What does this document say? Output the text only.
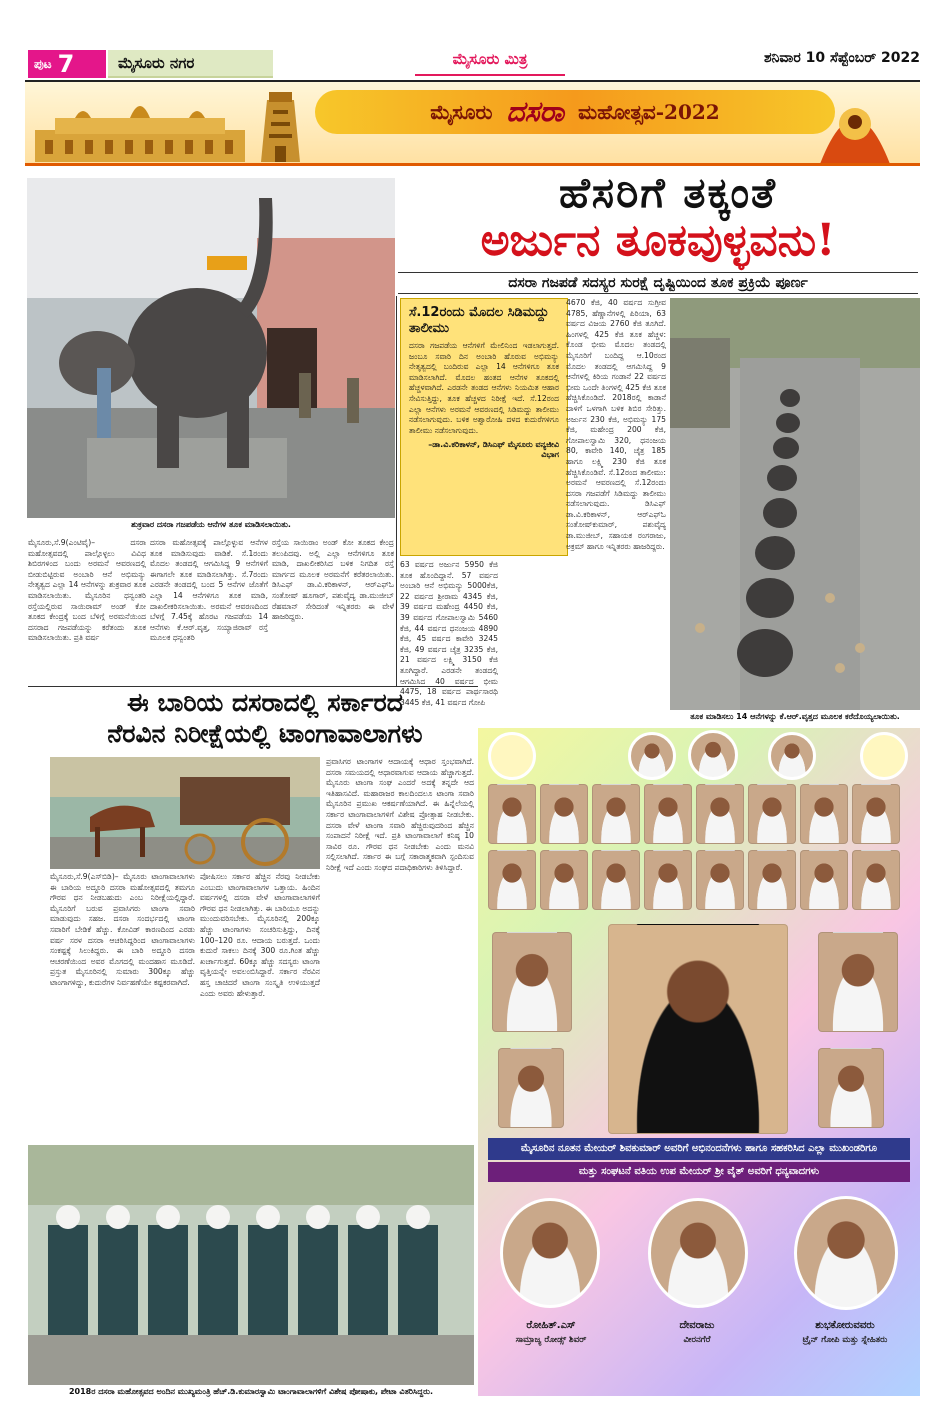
ಪುಟ 7	ಮೈಸೂರು ನಗರ	ಮೈಸೂರು ಮಿತ್ರ	ಶನಿವಾರ 10 ಸೆಪ್ಟೆಂಬರ್ 2022
ಮೈಸೂರು ದಸರಾ ಮಹೋತ್ಸವ-2022
ಹೆಸರಿಗೆ ತಕ್ಕಂತೆ
ಅರ್ಜುನ ತೂಕವುಳ್ಳವನು!
ದಸರಾ ಗಜಪಡೆ ಸದಸ್ಯರ ಸುರಕ್ಷೆ ದೃಷ್ಟಿಯಿಂದ ತೂಕ ಪ್ರಕ್ರಿಯೆ ಪೂರ್ಣ
ಶುಕ್ರವಾರ ದಸರಾ ಗಜಪಡೆಯ ಆನೆಗಳ ತೂಕ ಮಾಡಿಸಲಾಯಿತು.
ಸೆ.12ರಂದು ಮೊದಲ ಸಿಡಿಮದ್ದು ತಾಲೀಮು
ದಸರಾ ಗಜಪಡೆಯ ಆನೆಗಳಿಗೆ ಮೇಲಿನಿಂದ ಇಡಲಾಗುತ್ತದೆ. ಜಂಬೂ ಸವಾರಿ ದಿನ ಅಂಬಾರಿ ಹೊರುವ ಅಭಿಮನ್ಯು ನೇತೃತ್ವದಲ್ಲಿ ಬಂದಿರುವ ಎಲ್ಲಾ 14 ಆನೆಗಳಿಗೂ ತೂಕ ಮಾಡಿಸಲಾಗಿದೆ. ಮೊದಲ ಹಂತದ ಆನೆಗಳ ತೂಕದಲ್ಲಿ ಹೆಚ್ಚಳವಾಗಿದೆ. ಎರಡನೇ ತಂಡದ ಆನೆಗಳು ನಿಯಮಿತ ಆಹಾರ ಸೇವಿಸುತ್ತಿದ್ದು, ತೂಕ ಹೆಚ್ಚಳದ ನಿರೀಕ್ಷೆ ಇದೆ. ಸೆ.12ರಂದ ಎಲ್ಲಾ ಆನೆಗಳು ಅರಮನೆ ಆವರಣದಲ್ಲಿ ಸಿಡಿಮದ್ದು ತಾಲೀಮು ನಡೆಸಲಾಗುವುದು. ಬಳಿಕ ಅಶ್ವಾರೋಹಿ ದಳದ ಕುದುರೆಗಳಿಗೂ ತಾಲೀಮು ನಡೆಸಲಾಗುವುದು.
–ಡಾ.ವಿ.ಕರಿಕಾಳನ್, ಡಿಸಿಎಫ್ ಮೈಸೂರು ವನ್ಯಜೀವಿ ವಿಭಾಗ
ಮೈಸೂರು,ಸೆ.9(ಎಂಟಿವೈ)– ದಸರಾ ಮಹೋತ್ಸವದಲ್ಲಿ ಪಾಲ್ಗೊಳ್ಳಲು ವಿವಿಧ ಶಿಬಿರಗಳಿಂದ ಬಂದು ಅರಮನೆ ಆವರಣದಲ್ಲಿ ಬೀಡುಬಿಟ್ಟಿರುವ ಅಂಬಾರಿ ಆನೆ ಅಭಿಮನ್ಯು ನೇತೃತ್ವದ ಎಲ್ಲಾ 14 ಆನೆಗಳನ್ನು ಶುಕ್ರವಾರ ತೂಕ ಮಾಡಿಸಲಾಯಿತು. ಮೈಸೂರಿನ ಧನ್ವಂತರಿ ರಸ್ತೆಯಲ್ಲಿರುವ ಸಾಯಿರಾಮ್ ಅಂಡ್ ಕೋ ತೂಕದ ಕೇಂದ್ರಕ್ಕೆ ಬಂದ ಬೆಳಿಗ್ಗೆ ಅರಮನೆಯಿಂದ ದಸರಾದ ಗಜಪಡೆಯನ್ನು ಕರೆತಂದು ತೂಕ ಮಾಡಿಸಲಾಯಿತು. ಪ್ರತಿ ವರ್ಷ
ದಸರಾ ಮಹೋತ್ಸವಕ್ಕೆ ಪಾಲ್ಗೊಳ್ಳುವ ಆನೆಗಳ ತೂಕ ಮಾಡಿಸುವುದು ವಾಡಿಕೆ. ಸೆ.1ರಂದು ಮೊದಲ ತಂಡದಲ್ಲಿ ಆಗಮಿಸಿದ್ದ 9 ಆನೆಗಳಿಗೆ ಈಗಾಗಲೇ ತೂಕ ಮಾಡಿಸಲಾಗಿತ್ತು. ಸೆ.7ರಂದು ಎರಡನೇ ತಂಡದಲ್ಲಿ ಬಂದ 5 ಆನೆಗಳ ಜೊತೆಗೆ ಎಲ್ಲಾ 14 ಆನೆಗಳಿಗೂ ತೂಕ ಮಾಡಿ, ದಾಖಲೀಕರಿಸಲಾಯಿತು. ಅರಮನೆ ಆವರಣದಿಂದ ಬೆಳಗ್ಗೆ 7.45ಕ್ಕೆ ಹೊರಟ ಗಜಪಡೆಯ 14 ಆನೆಗಳು ಕೆ.ಆರ್.ವೃತ್ತ, ಸಯ್ಯಾಜಿರಾವ್ ರಸ್ತೆ ಮೂಲಕ ಧನ್ವಂತರಿ
ರಸ್ತೆಯ ಸಾಯಿರಾಂ ಅಂಡ್ ಕೋ ತೂಕದ ಕೇಂದ್ರ ತಲುಪಿದವು. ಅಲ್ಲಿ ಎಲ್ಲಾ ಆನೆಗಳಿಗೂ ತೂಕ ಮಾಡಿ, ದಾಖಲೀಕರಿಸಿದ ಬಳಿಕ ನಿಗದಿತ ರಸ್ತೆ ಮಾರ್ಗದ ಮೂಲಕ ಅರಮನೆಗೆ ಕರೆತರಲಾಯಿತು. ಡಿಸಿಎಫ್ ಡಾ.ವಿ.ಕರಿಕಾಳನ್, ಆರ್‌ಎಫ್‌ಓ ಸಂತೋಷ್ ಹೂಗಾರ್, ಪಶುವೈದ್ಯ ಡಾ.ಮುಜೀಬ್ ರೆಹಮಾನ್ ಸೇರಿದಂತೆ ಇನ್ನಿತರರು ಈ ವೇಳೆ ಹಾಜರಿದ್ದರು.
63 ವರ್ಷದ ಅರ್ಜುನ 5950 ಕೆಜಿ ತೂಕ ಹೊಂದಿದ್ದಾನೆ. 57 ವರ್ಷದ ಅಂಬಾರಿ ಆನೆ ಅಭಿಮನ್ಯು 5000ಕೆಜಿ, 22 ವರ್ಷದ ಶ್ರೀರಾಮ 4345 ಕೆಜಿ, 39 ವರ್ಷದ ಮಹೇಂದ್ರ 4450 ಕೆಜಿ, 39 ವರ್ಷದ ಗೋಪಾಲಸ್ವಾಮಿ 5460 ಕೆಜಿ, 44 ವರ್ಷದ ಧನಂಜಯ 4890 ಕೆಜಿ, 45 ವರ್ಷದ ಕಾವೇರಿ 3245 ಕೆಜಿ, 49 ವರ್ಷದ ಚೈತ್ರ 3235 ಕೆಜಿ, 21 ವರ್ಷದ ಲಕ್ಷ್ಮಿ 3150 ಕೆಜಿ ತೂಗಿದ್ದಾರೆ. ಎರಡನೇ ತಂಡದಲ್ಲಿ ಆಗಮಿಸಿದ 40 ವರ್ಷದ ಭೀಮ 4475, 18 ವರ್ಷದ ಪಾರ್ಥಸಾರಥಿ 3445 ಕೆಜಿ, 41 ವರ್ಷದ ಗೋಪಿ
4670 ಕೆಜಿ, 40 ವರ್ಷದ ಸುಗ್ರೀವ 4785, ಹೆಣ್ಣಾನೆಗಳಲ್ಲಿ ಪಿರಿಯಾ, 63 ವರ್ಷದ ವಿಜಯ 2760 ಕೆಜಿ ತೂಗಿದೆ. ಹಿಂಗಳಲ್ಲಿ 425 ಕೆಜಿ ತೂಕ ಹೆಚ್ಚಳ: ಕೊಂಡ ಭೀಮ ಮೊದಲ ತಂಡದಲ್ಲಿ ಮೈಸೂರಿಗೆ ಬಂದಿದ್ದ ಆ.10ರಂದ ಮೊದಲ ತಂಡದಲ್ಲಿ ಆಗಮಿಸಿದ್ದ 9 ಆನೆಗಳಲ್ಲಿ ಕಿರಿಯ ಗಂಡಾನೆ 22 ವರ್ಷದ ಭೀಮ ಒಂದೇ ತಿಂಗಳಲ್ಲಿ 425 ಕೆಜಿ ತೂಕ ಹೆಚ್ಚಿಸಿಕೊಂಡಿದೆ. 2018ರಲ್ಲಿ ಕಾಡಾನೆ ದಾಳಿಗೆ ಒಳಗಾಗಿ ಬಳಿಕ ಶಿಬಿರ ಸೇರಿತ್ತು. ಅರ್ಜುನ 230 ಕೆಜಿ, ಅಭಿಮನ್ಯು 175 ಕೆಜಿ, ಮಹೇಂದ್ರ 200 ಕೆಜಿ, ಗೋಪಾಲಸ್ವಾಮಿ 320, ಧನಂಜಯ 80, ಕಾವೇರಿ 140, ಚೈತ್ರ 185 ಹಾಗೂ ಲಕ್ಷ್ಮಿ 230 ಕೆಜಿ ತೂಕ ಹೆಚ್ಚಿಸಿಕೊಂಡಿವೆ. ಸೆ.12ರಂದ ತಾಲೀಮು: ಅರಮನೆ ಆವರಣದಲ್ಲಿ ಸೆ.12ರಂದು ದಸರಾ ಗಜಪಡೆಗೆ ಸಿಡಿಮದ್ದು ತಾಲೀಮು ನಡೆಸಲಾಗುವುದು. ಡಿಸಿಎಫ್ ಡಾ.ವಿ.ಕರಿಕಾಳನ್, ಆರ್‌ಎಫ್‌ಓ ಸಂತೋಷ್‌ಕುಮಾರ್, ಪಶುವೈದ್ಯ ಡಾ.ಮುಜೀಬ್, ಸಹಾಯಕ ರಂಗರಾಜು, ಅಕ್ರಮ್ ಹಾಗೂ ಇನ್ನಿತರರು ಹಾಜರಿದ್ದರು.
ತೂಕ ಮಾಡಿಸಲು 14 ಆನೆಗಳನ್ನು ಕೆ.ಆರ್.ವೃತ್ತದ ಮೂಲಕ ಕರೆದೊಯ್ಯಲಾಯಿತು.
ಈ ಬಾರಿಯ ದಸರಾದಲ್ಲಿ ಸರ್ಕಾರದ
ನೆರವಿನ ನಿರೀಕ್ಷೆಯಲ್ಲಿ ಟಾಂಗಾವಾಲಾಗಳು
ಮೈಸೂರು,ಸೆ.9(ಎಸ್‌ಬಿಡಿ)– ಮೈಸೂರು ಟಾಂಗಾವಾಲಾಗಳು ಈ ಬಾರಿಯ ಅದ್ದೂರಿ ದಸರಾ ಮಹೋತ್ಸವದಲ್ಲಿ ತಮಗೂ ಗೌರವ ಧನ ನೀಡಬಹುದು ಎಂಬ ನಿರೀಕ್ಷೆಯಲ್ಲಿದ್ದಾರೆ. ಮೈಸೂರಿಗೆ ಬರುವ ಪ್ರವಾಸಿಗರು ಟಾಂಗಾ ಸವಾರಿ ಮಾಡುವುದು ಸಹಜ. ದಸರಾ ಸಂದರ್ಭದಲ್ಲಿ ಟಾಂಗಾ ಸವಾರಿಗೆ ಬೇಡಿಕೆ ಹೆಚ್ಚು. ಕೋವಿಡ್ ಕಾರಣದಿಂದ ಎರಡು ವರ್ಷ ಸರಳ ದಸರಾ ಆಚರಿಸಿದ್ದರಿಂದ ಟಾಂಗಾವಾಲಾಗಳು ಸಂಕಷ್ಟಕ್ಕೆ ಸಿಲುಕಿದ್ದರು. ಈ ಬಾರಿ ಅದ್ದೂರಿ ದಸರಾ ಆಚರಣೆಯಿಂದ ಅವರ ಮೊಗದಲ್ಲಿ ಮಂದಹಾಸ ಮೂಡಿದೆ. ಪ್ರಸ್ತುತ ಮೈಸೂರಿನಲ್ಲಿ ಸುಮಾರು 300ಕ್ಕೂ ಹೆಚ್ಚು ಟಾಂಗಾಗಳಿದ್ದು, ಕುದುರೆಗಳ ನಿರ್ವಹಣೆಯೇ ಕಷ್ಟಕರವಾಗಿದೆ.
ಪೋಷಿಸಲು ಸರ್ಕಾರ ಹೆಚ್ಚಿನ ನೆರವು ನೀಡಬೇಕು ಎಂಬುದು ಟಾಂಗಾವಾಲಾಗಳ ಒತ್ತಾಯ. ಹಿಂದಿನ ವರ್ಷಗಳಲ್ಲಿ ದಸರಾ ವೇಳೆ ಟಾಂಗಾವಾಲಾಗಳಿಗೆ ಗೌರವ ಧನ ನೀಡಲಾಗಿತ್ತು. ಈ ಬಾರಿಯೂ ಅದನ್ನು ಮುಂದುವರಿಸಬೇಕು. ಮೈಸೂರಿನಲ್ಲಿ 200ಕ್ಕೂ ಹೆಚ್ಚು ಟಾಂಗಾಗಳು ಸಂಚರಿಸುತ್ತಿದ್ದು, ದಿನಕ್ಕೆ 100–120 ರೂ. ಆದಾಯ ಬರುತ್ತದೆ. ಒಂದು ಕುದುರೆ ಸಾಕಲು ದಿನಕ್ಕೆ 300 ರೂ.ಗಿಂತ ಹೆಚ್ಚು ಖರ್ಚಾಗುತ್ತದೆ. 60ಕ್ಕೂ ಹೆಚ್ಚು ಸದಸ್ಯರು ಟಾಂಗಾ ವೃತ್ತಿಯನ್ನೇ ಅವಲಂಬಿಸಿದ್ದಾರೆ. ಸರ್ಕಾರ ನೆರವಿನ ಹಸ್ತ ಚಾಚಿದರೆ ಟಾಂಗಾ ಸಂಸ್ಕೃತಿ ಉಳಿಯುತ್ತದೆ ಎಂದು ಅವರು ಹೇಳುತ್ತಾರೆ.
ಪ್ರವಾಸಿಗರ ಟಾಂಗಾಗಳ ಆದಾಯಕ್ಕೆ ಆಧಾರ ಸ್ತಂಭವಾಗಿದೆ. ದಸರಾ ಸಮಯದಲ್ಲಿ ಆಧಾರವಾಗುವ ಆದಾಯ ಹೆಚ್ಚಾಗುತ್ತದೆ. ಮೈಸೂರು ಟಾಂಗಾ ಸಂಘ ಎಂದರೆ ಅದಕ್ಕೆ ತನ್ನದೇ ಆದ ಇತಿಹಾಸವಿದೆ. ಮಹಾರಾಜರ ಕಾಲದಿಂದಲೂ ಟಾಂಗಾ ಸವಾರಿ ಮೈಸೂರಿನ ಪ್ರಮುಖ ಆಕರ್ಷಣೆಯಾಗಿದೆ. ಈ ಹಿನ್ನೆಲೆಯಲ್ಲಿ ಸರ್ಕಾರ ಟಾಂಗಾವಾಲಾಗಳಿಗೆ ವಿಶೇಷ ಪ್ರೋತ್ಸಾಹ ನೀಡಬೇಕು. ದಸರಾ ವೇಳೆ ಟಾಂಗಾ ಸವಾರಿ ಹೆಚ್ಚಿರುವುದರಿಂದ ಹೆಚ್ಚಿನ ಸಂಪಾದನೆ ನಿರೀಕ್ಷೆ ಇದೆ. ಪ್ರತಿ ಟಾಂಗಾವಾಲಾಗೆ ಕನಿಷ್ಠ 10 ಸಾವಿರ ರೂ. ಗೌರವ ಧನ ನೀಡಬೇಕು ಎಂದು ಮನವಿ ಸಲ್ಲಿಸಲಾಗಿದೆ. ಸರ್ಕಾರ ಈ ಬಗ್ಗೆ ಸಕಾರಾತ್ಮಕವಾಗಿ ಸ್ಪಂದಿಸುವ ನಿರೀಕ್ಷೆ ಇದೆ ಎಂದು ಸಂಘದ ಪದಾಧಿಕಾರಿಗಳು ತಿಳಿಸಿದ್ದಾರೆ.
2018ರ ದಸರಾ ಮಹೋತ್ಸವದ ಅಂದಿನ ಮುಖ್ಯಮಂತ್ರಿ ಹೆಚ್.ಡಿ.ಕುಮಾರಸ್ವಾಮಿ ಟಾಂಗಾವಾಲಾಗಳಿಗೆ ವಿಶೇಷ ಪೋಷಾಕು, ಪೇಟಾ ವಿತರಿಸಿದ್ದರು.
ಮೈಸೂರಿನ ನೂತನ ಮೇಯರ್ ಶಿವಕುಮಾರ್ ಅವರಿಗೆ ಅಭಿನಂದನೆಗಳು ಹಾಗೂ ಸಹಕರಿಸಿದ ಎಲ್ಲಾ ಮುಖಂಡರಿಗೂ
ಮತ್ತು ಸಂಘಟನೆ ವತಿಯ ಉಪ ಮೇಯರ್ ಶ್ರೀ ವೈತ್ ಅವರಿಗೆ ಧನ್ಯವಾದಗಳು
ರೋಹಿತ್.ಎಸ್
ಸಾಮ್ರಾಜ್ಯ ರೋಡ್ಸ್ ಶಿವರ್
ದೇವರಾಜು
ವೀರನಗೆರೆ
ಶುಭಕೋರುವವರು
ಟ್ರೈನ್ ಗೋಪಿ ಮತ್ತು ಸ್ನೇಹಿತರು
